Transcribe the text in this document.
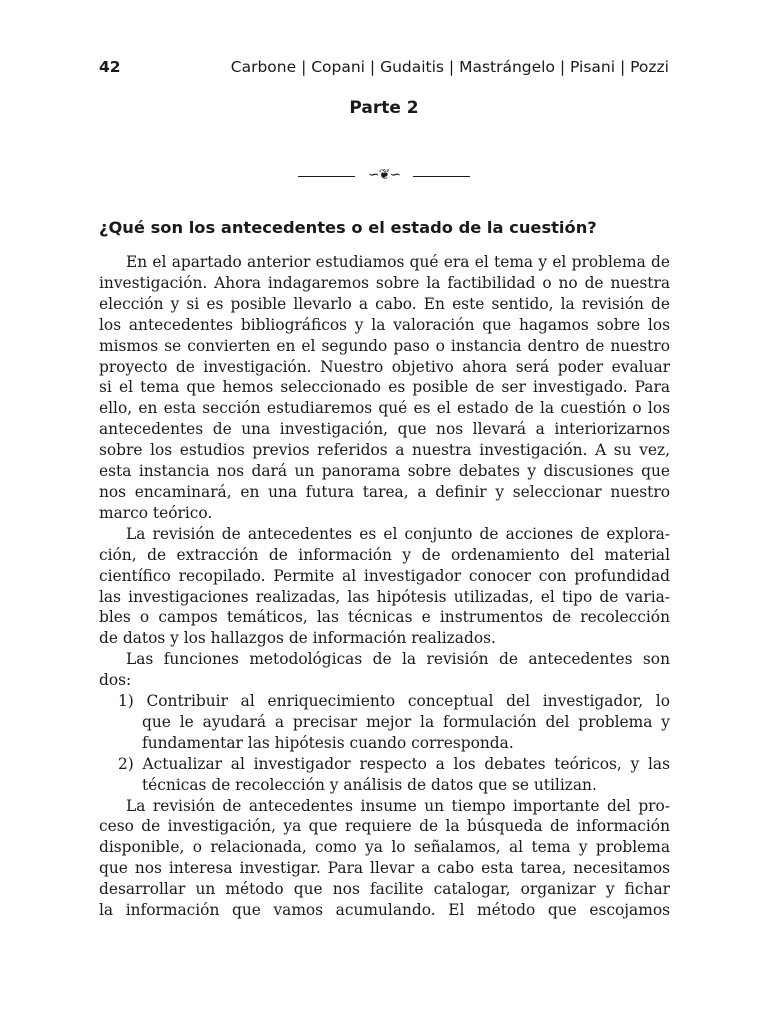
42	Carbone | Copani | Gudaitis | Mastrángelo | Pisani | Pozzi
Parte 2
∽❦∽
¿Qué son los antecedentes o el estado de la cuestión?
En el apartado anterior estudiamos qué era el tema y el problema de
investigación. Ahora indagaremos sobre la factibilidad o no de nuestra
elección y si es posible llevarlo a cabo. En este sentido, la revisión de
los antecedentes bibliográficos y la valoración que hagamos sobre los
mismos se convierten en el segundo paso o instancia dentro de nuestro
proyecto de investigación. Nuestro objetivo ahora será poder evaluar
si el tema que hemos seleccionado es posible de ser investigado. Para
ello, en esta sección estudiaremos qué es el estado de la cuestión o los
antecedentes de una investigación, que nos llevará a interiorizarnos
sobre los estudios previos referidos a nuestra investigación. A su vez,
esta instancia nos dará un panorama sobre debates y discusiones que
nos encaminará, en una futura tarea, a definir y seleccionar nuestro
marco teórico.
La revisión de antecedentes es el conjunto de acciones de explora-
ción, de extracción de información y de ordenamiento del material
científico recopilado. Permite al investigador conocer con profundidad
las investigaciones realizadas, las hipótesis utilizadas, el tipo de varia-
bles o campos temáticos, las técnicas e instrumentos de recolección
de datos y los hallazgos de información realizados.
Las funciones metodológicas de la revisión de antecedentes son
dos:
1) Contribuir al enriquecimiento conceptual del investigador, lo
que le ayudará a precisar mejor la formulación del problema y
fundamentar las hipótesis cuando corresponda.
2) Actualizar al investigador respecto a los debates teóricos, y las
técnicas de recolección y análisis de datos que se utilizan.
La revisión de antecedentes insume un tiempo importante del pro-
ceso de investigación, ya que requiere de la búsqueda de información
disponible, o relacionada, como ya lo señalamos, al tema y problema
que nos interesa investigar. Para llevar a cabo esta tarea, necesitamos
desarrollar un método que nos facilite catalogar, organizar y fichar
la información que vamos acumulando. El método que escojamos
